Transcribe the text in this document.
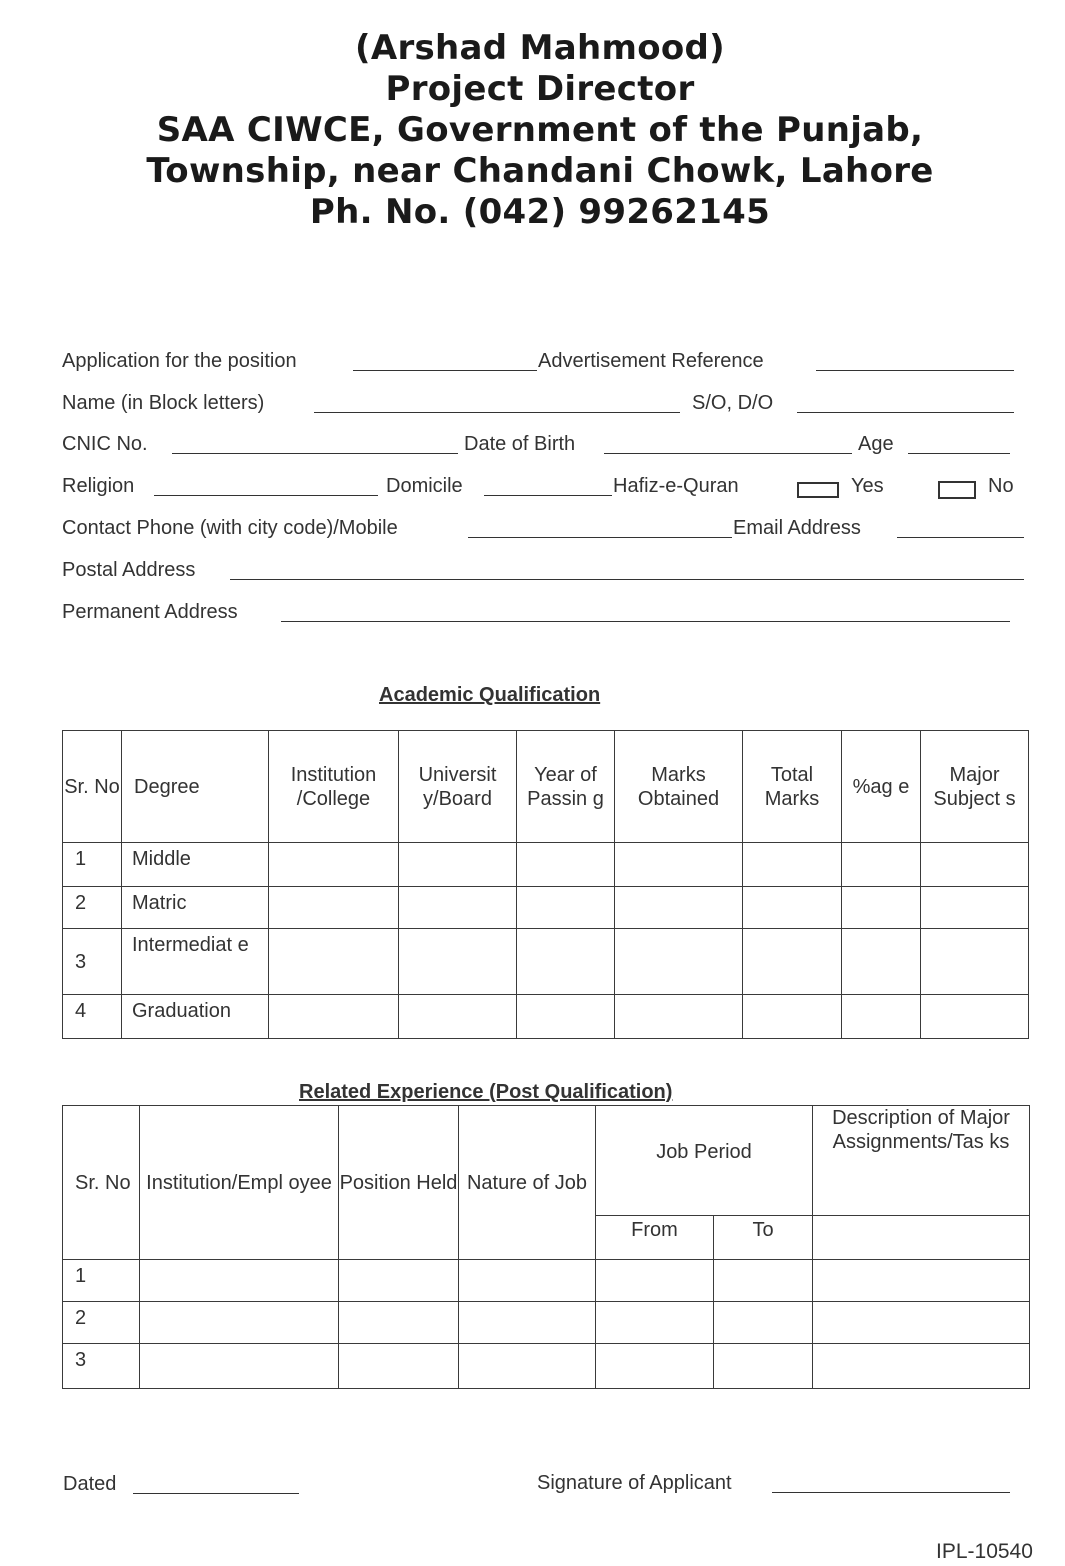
(Arshad Mahmood)
Project Director
SAA CIWCE, Government of the Punjab,
Township, near Chandani Chowk, Lahore
Ph. No. (042) 99262145
Application for the position	Advertisement Reference
Name (in Block letters)	S/O, D/O
CNIC No.	Date of Birth	Age
Religion	Domicile	Hafiz-e-Quran	Yes	No
Contact Phone (with city code)/Mobile	Email Address
Postal Address
Permanent Address
Academic Qualification
Sr. No	Degree	Institution /College	Universit y/Board	Year of Passin g	Marks Obtained	Total Marks	%ag e	Major Subject s
1	Middle							
2	Matric							
3	Intermediat e							
4	Graduation							
Related Experience (Post Qualification)
Sr. No	Institution/Empl oyee	Position Held	Nature of Job	Job Period		Description of Major Assignments/Tas ks
				From	To	
1						
2						
3						
Dated	Signature of Applicant
IPL-10540
